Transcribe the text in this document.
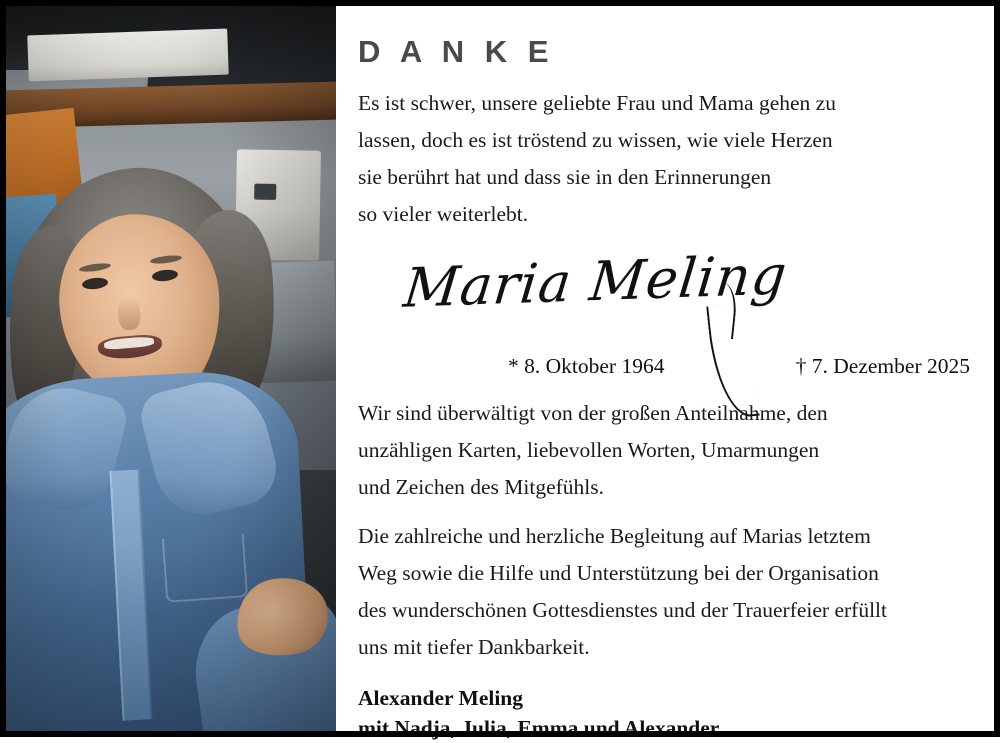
D A N K E
Es ist schwer, unsere geliebte Frau und Mama gehen zu
lassen, doch es ist tröstend zu wissen, wie viele Herzen
sie berührt hat und dass sie in den Erinnerungen
so vieler weiterlebt.
Maria Meling
* 8. Oktober 1964	† 7. Dezember 2025
Wir sind überwältigt von der großen Anteilnahme, den
unzähligen Karten, liebevollen Worten, Umarmungen
und Zeichen des Mitgefühls.
Die zahlreiche und herzliche Begleitung auf Marias letztem
Weg sowie die Hilfe und Unterstützung bei der Organisation
des wunderschönen Gottesdienstes und der Trauerfeier erfüllt
uns mit tiefer Dankbarkeit.
Alexander Meling
mit Nadja, Julia, Emma und Alexander
